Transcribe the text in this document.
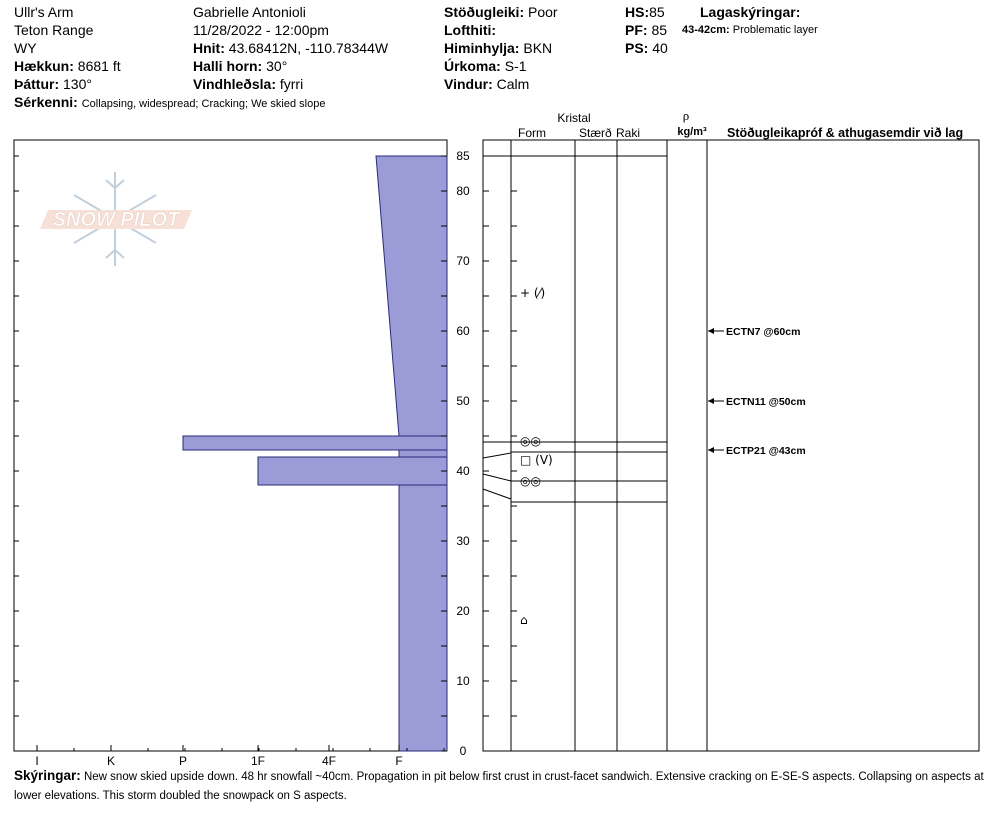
Ullr's Arm
Teton Range
WY
Hækkun: 8681 ft
Þáttur: 130°
Sérkenni: Collapsing, widespread; Cracking; We skied slope
Gabrielle Antonioli
11/28/2022 - 12:00pm
Hnit: 43.68412N, -110.78344W
Halli horn: 30°
Vindhleðsla: fyrri
Stöðugleiki: Poor
Lofthiti:
Himinhylja: BKN
Úrkoma: S-1
Vindur: Calm
HS:85
PF: 85
PS: 40
Lagaskýringar:
43-42cm: Problematic layer
SNOW PILOT
0
10
20
30
40
50
60
70
80
85
I	K	P	1F	4F	F
Kristal
Form	Stærð Raki
ρ
kg/m³ Stöðugleikapróf & athugasemdir við lag
+ (⁄)
◎◎
□ (V)
◎◎
⌂
ECTN7 @60cm
ECTN11 @50cm
ECTP21 @43cm
Skýringar: New snow skied upside down. 48 hr snowfall ~40cm. Propagation in pit below first crust in crust-facet sandwich. Extensive cracking on E-SE-S aspects. Collapsing on aspects at lower elevations. This storm doubled the snowpack on S aspects.
